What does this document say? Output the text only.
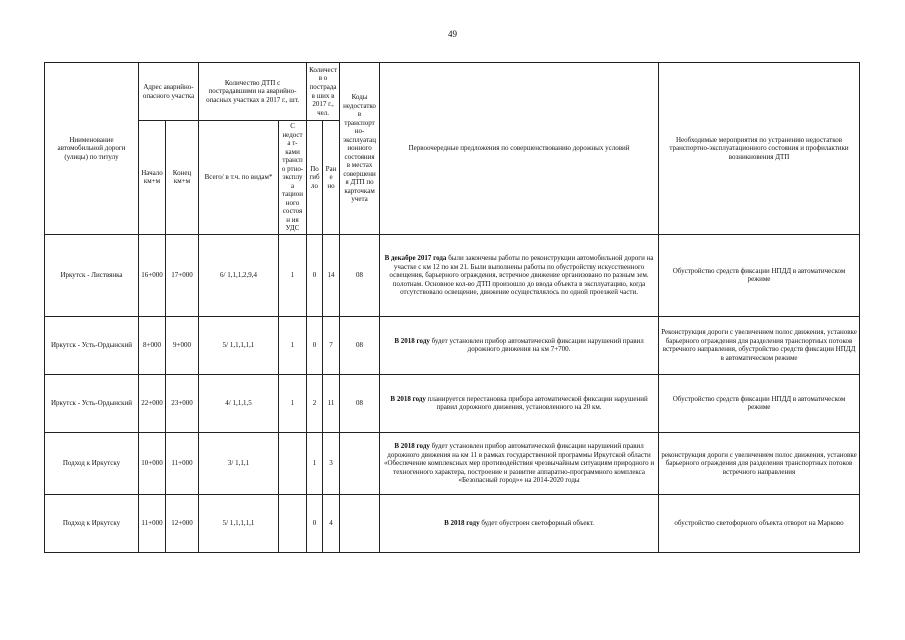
49
Ниименование автомобильной дороги (улицы) по титулу	Адрес аварийно-опасного участка		Количество ДТП с пострадавшими на аварийно-опасных участках в 2017 г., шт.		Количеств о пострадав ших в 2017 г., чел.		Коды недостатко в транспорт но-эксплуатац ионного состояния в местах совершени я ДТП по карточкам учета	Первоочередные предложения по совершенствованию дорожных условий	Необходимые мероприятия по устранению недостатков транспортно-эксплуатационного состояния и профилактики возникновения ДТП
	Начало км+м	Конец км+м	Всего/ в т.ч. по видам*	С недоста т-ками транспо ртно-эксплуа тацион ного состоян ия УДС	Погиб ло	Ране но			
Иркутск - Листвянка	16+000	17+000	6/ 1,1,1,2,9,4	1	0	14	08	В декабре 2017 года были закончены работы по реконструкции автомобильной дороги на участке с км 12 по км 21. Были выполнены работы по обустройству искусственного освещения, барьерного ограждения, встречное движение организовано по разным зем. полотнам. Основное кол-во ДТП произошло до ввода объекта в эксплуатацию, когда отсутствовало освещение, движение осуществлялось по одной проезжей части.	Обустройство средств фиксации НПДД в автоматическом режиме
Иркутск - Усть-Ордынский	8+000	9+000	5/ 1,1,1,1,1	1	0	7	08	В 2018 году будет установлен прибор автоматической фиксации нарушений правил дорожного движения на км 7+700.	Реконструкция дороги с увеличением полос движения, установке барьерного ограждения для разделения транспортных потоков встречного направления, обустройство средств фиксации НПДД в автоматическом режиме
Иркутск - Усть-Ордынский	22+000	23+000	4/ 1,1,1,5	1	2	11	08	В 2018 году планируется перестановка прибора автоматической фиксации нарушений правил дорожного движения, установленного на 20 км.	Обустройство средств фиксации НПДД в автоматическом режиме
Подход к Иркутску	10+000	11+000	3/ 1,1,1		1	3		В 2018 году будет установлен прибор автоматической фиксации нарушений правил дорожного движения на км 11 в рамках государственной программы Иркутской области «Обеспечение комплексных мер противодействия чрезвычайным ситуациям природного и техногенного характера, построение и развитие аппаратно-программного комплекса «Безопасный город»» на 2014-2020 годы	реконструкция дороги с увеличением полос движения, установке барьерного ограждения для разделения транспортных потоков встречного направления
Подход к Иркутску	11+000	12+000	5/ 1,1,1,1,1		0	4		В 2018 году будет обустроен светофорный объект.	обустройство светофорного объекта отворот на Марково
